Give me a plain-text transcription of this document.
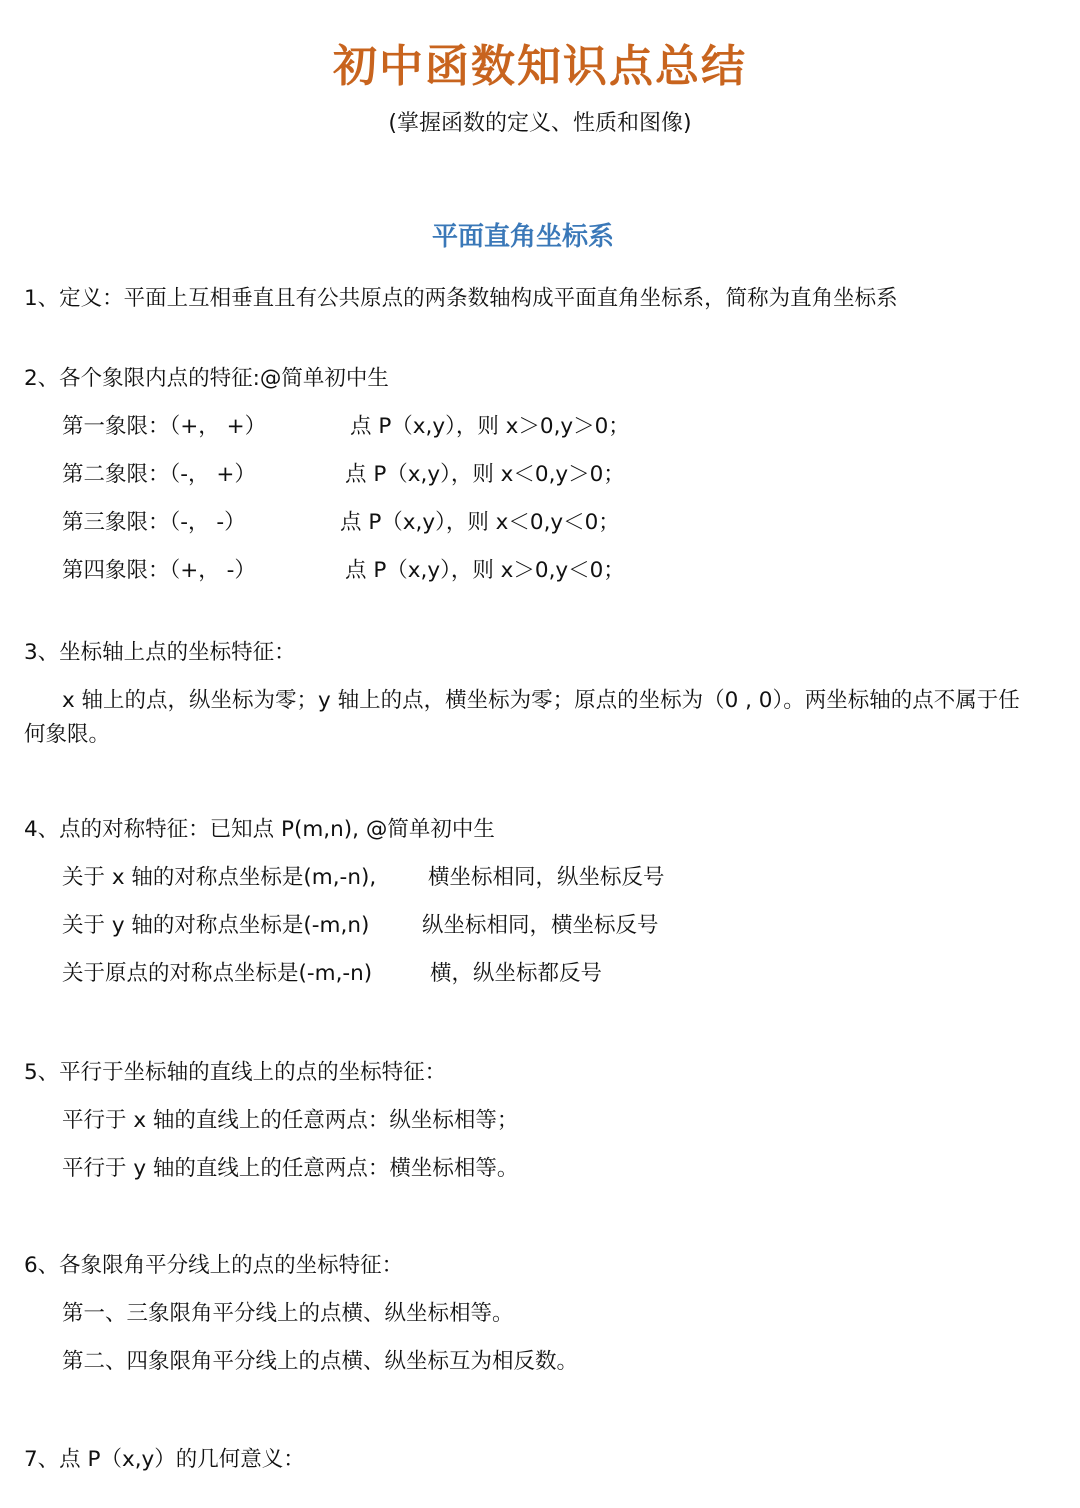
初中函数知识点总结
(掌握函数的定义、性质和图像)
平面直角坐标系
1、定义：平面上互相垂直且有公共原点的两条数轴构成平面直角坐标系，简称为直角坐标系
2、各个象限内点的特征:@简单初中生
第一象限：（+， +）	点 P（x,y），则 x＞0,y＞0；
第二象限：（-， +）	点 P（x,y），则 x＜0,y＞0；
第三象限：（-， -）	点 P（x,y），则 x＜0,y＜0；
第四象限：（+， -）	点 P（x,y），则 x＞0,y＜0；
3、坐标轴上点的坐标特征：
x 轴上的点，纵坐标为零；y 轴上的点，横坐标为零；原点的坐标为（0 , 0）。两坐标轴的点不属于任何象限。
4、点的对称特征：已知点 P(m,n), @简单初中生
关于 x 轴的对称点坐标是(m,-n), 横坐标相同，纵坐标反号
关于 y 轴的对称点坐标是(-m,n) 纵坐标相同，横坐标反号
关于原点的对称点坐标是(-m,-n)	横，纵坐标都反号
5、平行于坐标轴的直线上的点的坐标特征：
平行于 x 轴的直线上的任意两点：纵坐标相等；
平行于 y 轴的直线上的任意两点：横坐标相等。
6、各象限角平分线上的点的坐标特征：
第一、三象限角平分线上的点横、纵坐标相等。
第二、四象限角平分线上的点横、纵坐标互为相反数。
7、点 P（x,y）的几何意义：
